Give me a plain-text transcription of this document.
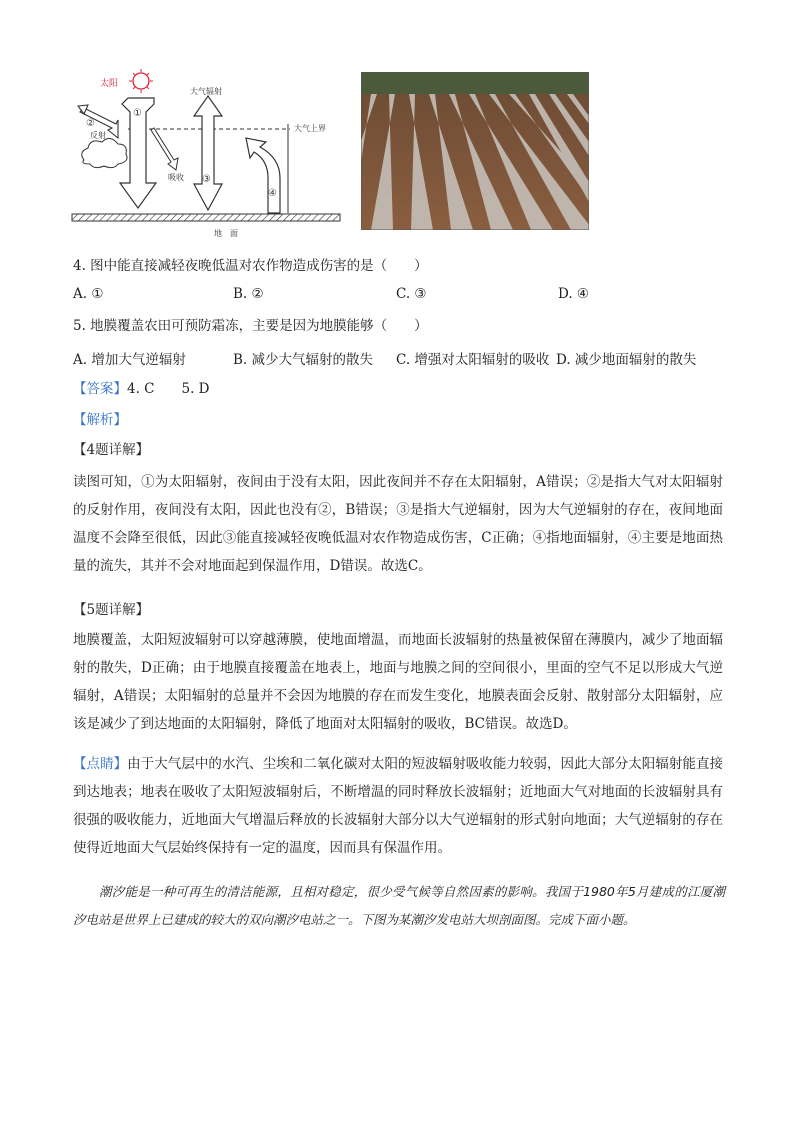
太阳
大气上界
地　面
①
②
反射
吸收
大气辐射
③
④
4. 图中能直接减轻夜晚低温对农作物造成伤害的是（　　）
A. ①	B. ②	C. ③	D. ④
5. 地膜覆盖农田可预防霜冻，主要是因为地膜能够（　　）
A. 增加大气逆辐射	B. 减少大气辐射的散失 C. 增强对太阳辐射的吸收 D. 减少地面辐射的散失
【答案】4. C　　5. D
【解析】
【4题详解】
读图可知，①为太阳辐射，夜间由于没有太阳，因此夜间并不存在太阳辐射，A错误；②是指大气对太阳辐射的反射作用，夜间没有太阳，因此也没有②，B错误；③是指大气逆辐射，因为大气逆辐射的存在，夜间地面温度不会降至很低，因此③能直接减轻夜晚低温对农作物造成伤害，C正确；④指地面辐射，④主要是地面热量的流失，其并不会对地面起到保温作用，D错误。故选C。
【5题详解】
地膜覆盖，太阳短波辐射可以穿越薄膜，使地面增温，而地面长波辐射的热量被保留在薄膜内，减少了地面辐射的散失，D正确；由于地膜直接覆盖在地表上，地面与地膜之间的空间很小，里面的空气不足以形成大气逆辐射，A错误；太阳辐射的总量并不会因为地膜的存在而发生变化，地膜表面会反射、散射部分太阳辐射，应该是减少了到达地面的太阳辐射，降低了地面对太阳辐射的吸收，BC错误。故选D。
【点睛】由于大气层中的水汽、尘埃和二氧化碳对太阳的短波辐射吸收能力较弱，因此大部分太阳辐射能直接到达地表；地表在吸收了太阳短波辐射后，不断增温的同时释放长波辐射；近地面大气对地面的长波辐射具有很强的吸收能力，近地面大气增温后释放的长波辐射大部分以大气逆辐射的形式射向地面；大气逆辐射的存在使得近地面大气层始终保持有一定的温度，因而具有保温作用。
潮汐能是一种可再生的清洁能源，且相对稳定，很少受气候等自然因素的影响。我国于1980年5月建成的江厦潮汐电站是世界上已建成的较大的双向潮汐电站之一。下图为某潮汐发电站大坝剖面图。完成下面小题。
